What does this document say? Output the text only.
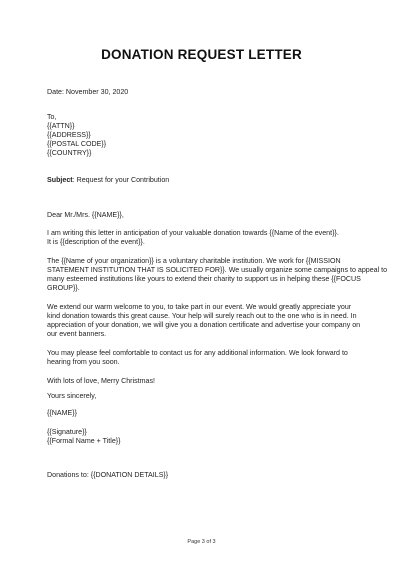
DONATION REQUEST LETTER
Date: November 30, 2020
To,
{{ATTN}}
{{ADDRESS}}
{{POSTAL CODE}}
{{COUNTRY}}
Subject: Request for your Contribution
Dear Mr./Mrs. {{NAME}},
I am writing this letter in anticipation of your valuable donation towards {{Name of the event}}.
It is {{description of the event}}.
The {{Name of your organization}} is a voluntary charitable institution. We work for {{MISSION
STATEMENT INSTITUTION THAT IS SOLICITED FOR}}. We usually organize some campaigns to appeal to
many esteemed institutions like yours to extend their charity to support us in helping these {{FOCUS
GROUP}}.
We extend our warm welcome to you, to take part in our event. We would greatly appreciate your
kind donation towards this great cause. Your help will surely reach out to the one who is in need. In
appreciation of your donation, we will give you a donation certificate and advertise your company on
our event banners.
You may please feel comfortable to contact us for any additional information. We look forward to
hearing from you soon.
With lots of love, Merry Christmas!
Yours sincerely,
{{NAME}}
{{Signature}}
{{Formal Name + Title}}
Donations to: {{DONATION DETAILS}}
Page 3 of 3
